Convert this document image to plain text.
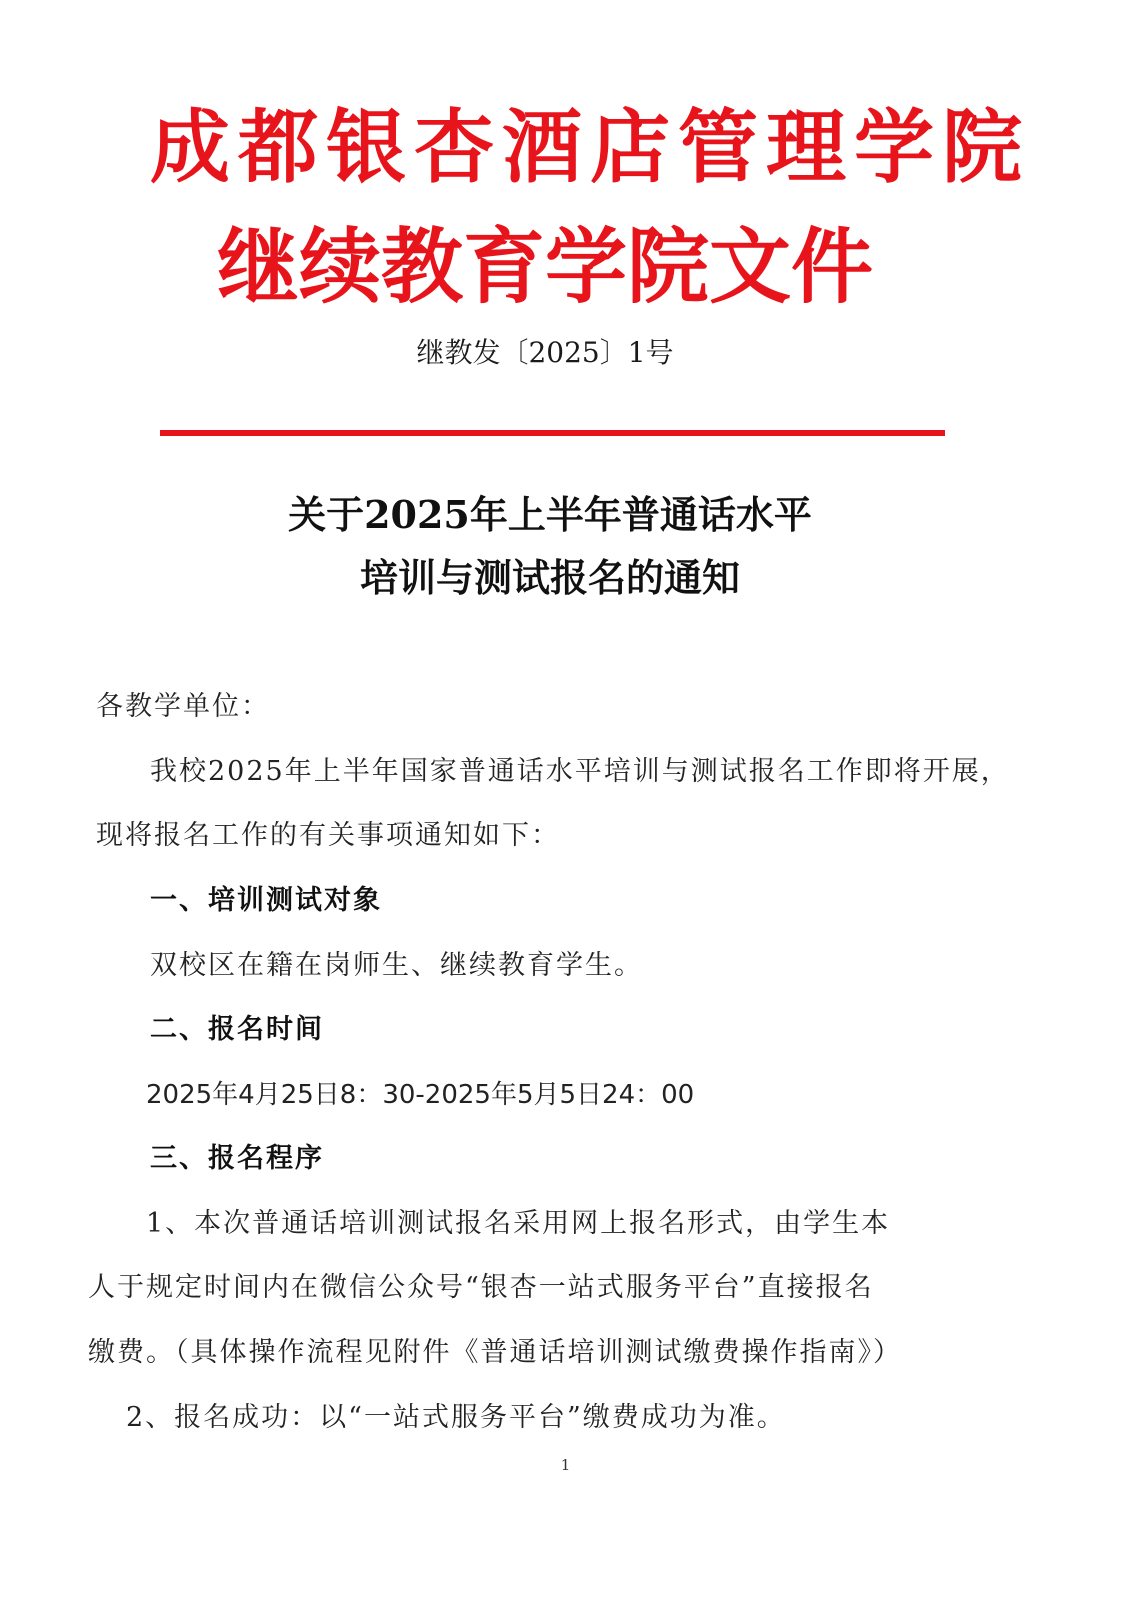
成都银杏酒店管理学院
继续教育学院文件
继教发〔2025〕1号
关于2025年上半年普通话水平
培训与测试报名的通知
各教学单位：
我校2025年上半年国家普通话水平培训与测试报名工作即将开展，
现将报名工作的有关事项通知如下：
一、培训测试对象
双校区在籍在岗师生、继续教育学生。
二、报名时间
2025年4月25日8：30-2025年5月5日24：00
三、报名程序
1、本次普通话培训测试报名采用网上报名形式，由学生本
人于规定时间内在微信公众号“银杏一站式服务平台”直接报名
缴费。（具体操作流程见附件《普通话培训测试缴费操作指南》）
2、报名成功：以“一站式服务平台”缴费成功为准。
1
